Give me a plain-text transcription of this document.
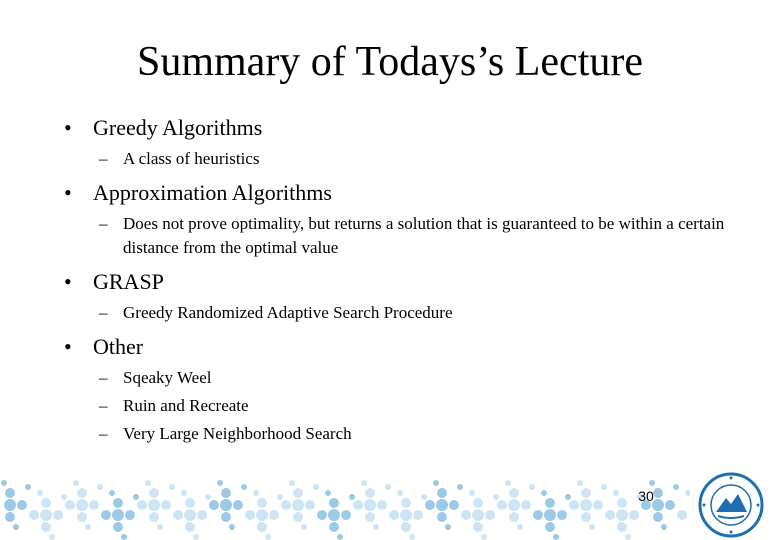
Summary of Todays’s Lecture
• Greedy Algorithms
– A class of heuristics
• Approximation Algorithms
– Does not prove optimality, but returns a solution that is guaranteed to be within a certain distance from the optimal value
• GRASP
– Greedy Randomized Adaptive Search Procedure
• Other
– Sqeaky Weel
– Ruin and Recreate
– Very Large Neighborhood Search
30
